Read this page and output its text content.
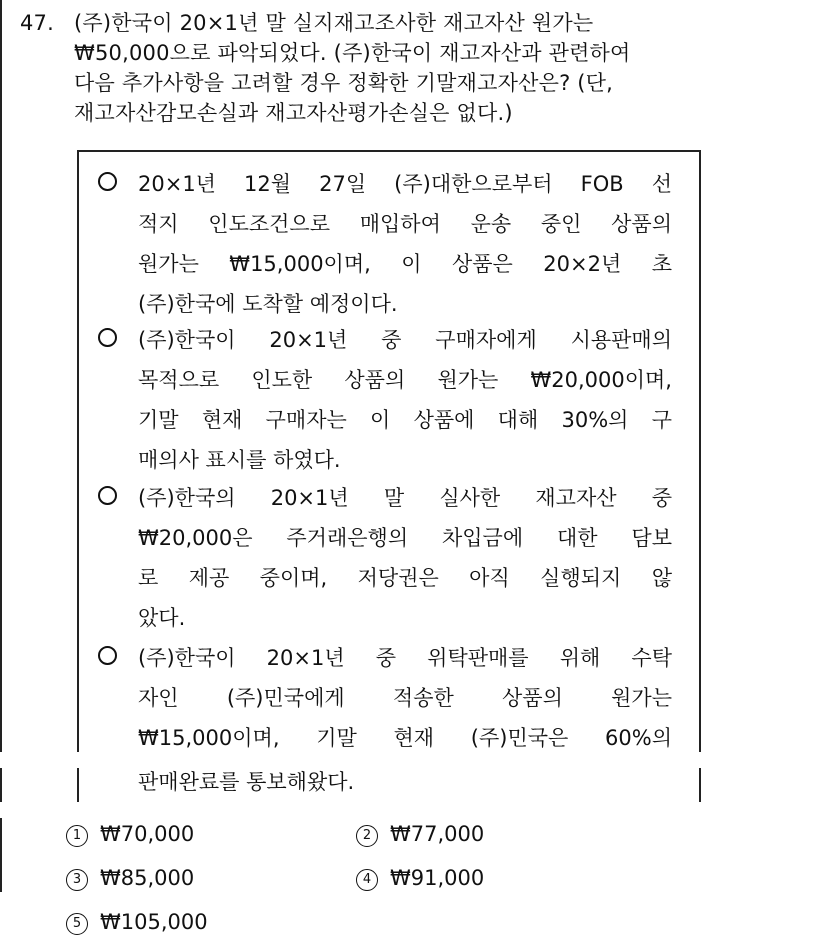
47. (주)한국이 20×1년 말 실지재고조사한 재고자산 원가는
₩50,000으로 파악되었다. (주)한국이 재고자산과 관련하여
다음 추가사항을 고려할 경우 정확한 기말재고자산은? (단,
재고자산감모손실과 재고자산평가손실은 없다.)
20×1년 12월 27일 (주)대한으로부터 FOB 선
적지 인도조건으로 매입하여 운송 중인 상품의
원가는 ₩15,000이며, 이 상품은 20×2년 초
(주)한국에 도착할 예정이다.
(주)한국이 20×1년 중 구매자에게 시용판매의
목적으로 인도한 상품의 원가는 ₩20,000이며,
기말 현재 구매자는 이 상품에 대해 30%의 구
매의사 표시를 하였다.
(주)한국의 20×1년 말 실사한 재고자산 중
₩20,000은 주거래은행의 차입금에 대한 담보
로 제공 중이며, 저당권은 아직 실행되지 않
았다.
(주)한국이 20×1년 중 위탁판매를 위해 수탁
자인 (주)민국에게 적송한 상품의 원가는
₩15,000이며, 기말 현재 (주)민국은 60%의
판매완료를 통보해왔다.
1 ₩70,000	2 ₩77,000
3 ₩85,000	4 ₩91,000
5 ₩105,000
